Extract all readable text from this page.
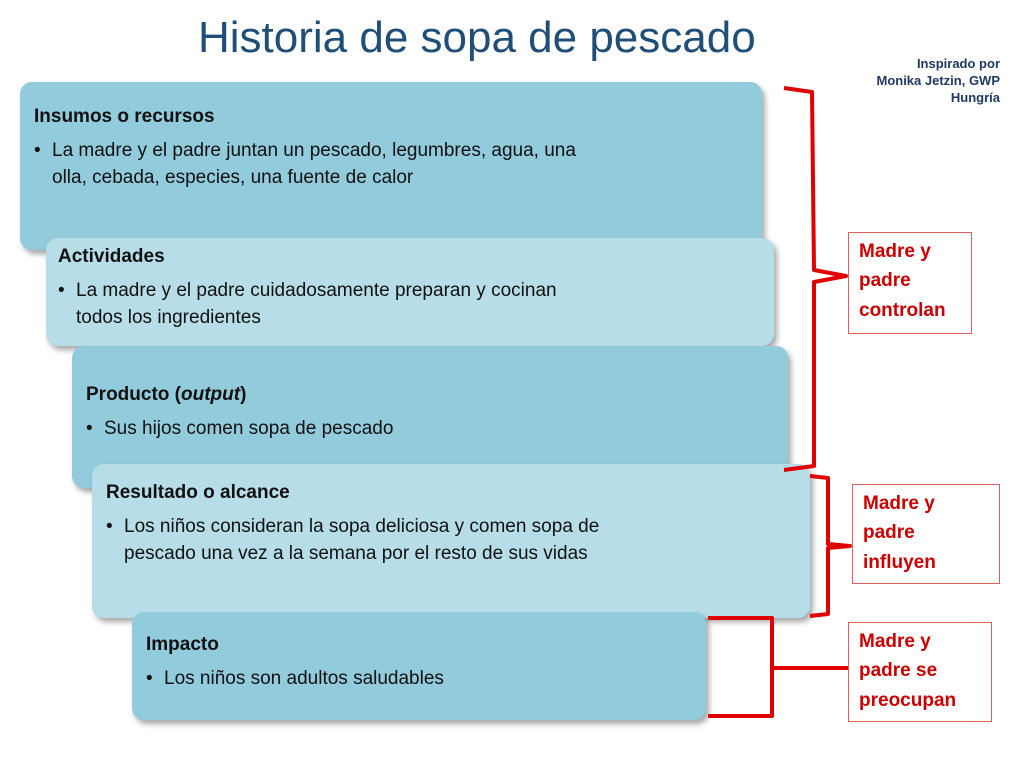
Historia de sopa de pescado
Inspirado por
Monika Jetzin, GWP
Hungría
Insumos o recursos
• La madre y el padre juntan un pescado, legumbres, agua, una olla, cebada, especies, una fuente de calor
Actividades
• La madre y el padre cuidadosamente preparan y cocinan todos los ingredientes
Producto (output)
• Sus hijos comen sopa de pescado
Resultado o alcance
• Los niños consideran la sopa deliciosa y comen sopa de pescado una vez a la semana por el resto de sus vidas
Impacto
• Los niños son adultos saludables
Madre y padre controlan
Madre y padre influyen
Madre y padre se preocupan
